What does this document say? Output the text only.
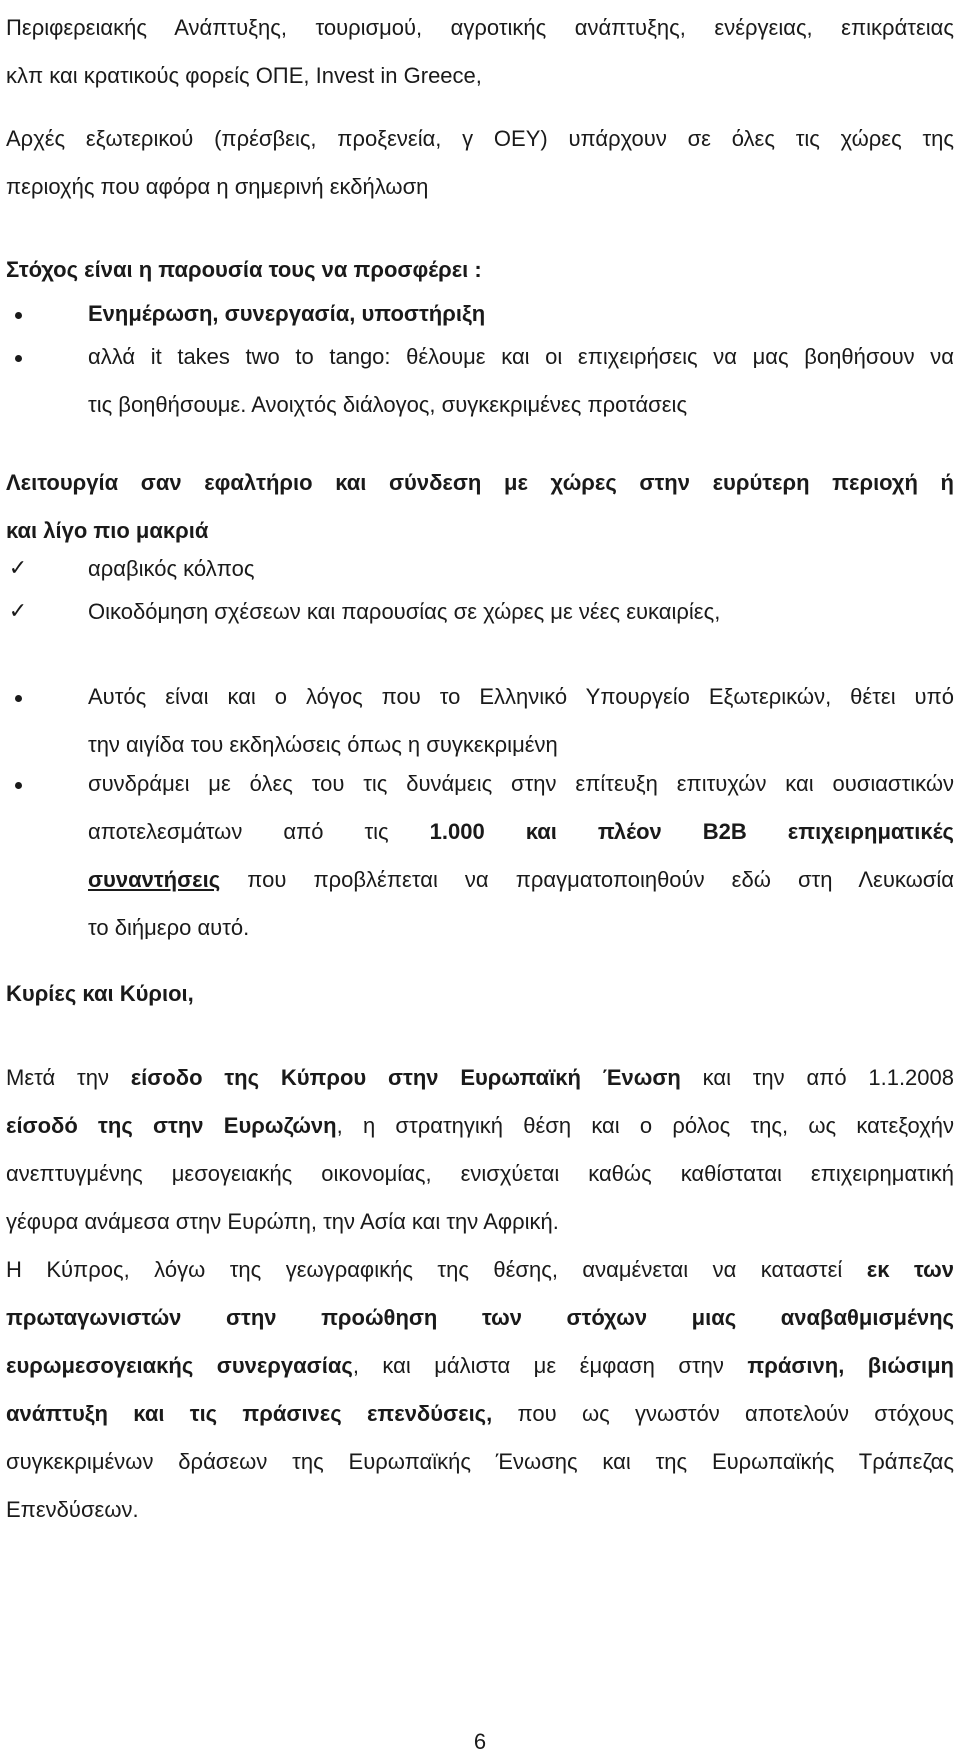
Περιφερειακής Ανάπτυξης, τουρισμού, αγροτικής ανάπτυξης, ενέργειας, επικράτειας
κλπ και κρατικούς φορείς ΟΠΕ, Invest in Greece,
Αρχές εξωτερικού (πρέσβεις, προξενεία, γ ΟΕΥ) υπάρχουν σε όλες τις χώρες της
περιοχής που αφόρα η σημερινή εκδήλωση
Στόχος είναι η παρουσία τους να προσφέρει :
Ενημέρωση, συνεργασία, υποστήριξη
αλλά it takes two to tango: θέλουμε και οι επιχειρήσεις να μας βοηθήσουν να
τις βοηθήσουμε. Ανοιχτός διάλογος, συγκεκριμένες προτάσεις
Λειτουργία σαν εφαλτήριο και σύνδεση με χώρες στην ευρύτερη περιοχή ή
και λίγο πιο μακριά
✓	αραβικός κόλπος
✓	Οικοδόμηση σχέσεων και παρουσίας σε χώρες με νέες ευκαιρίες,
Αυτός είναι και ο λόγος που το Ελληνικό Υπουργείο Εξωτερικών, θέτει υπό
την αιγίδα του εκδηλώσεις όπως η συγκεκριμένη
συνδράμει με όλες του τις δυνάμεις στην επίτευξη επιτυχών και ουσιαστικών
αποτελεσμάτων από τις 1.000 και πλέον B2B επιχειρηματικές
συναντήσεις που προβλέπεται να πραγματοποιηθούν εδώ στη Λευκωσία
το διήμερο αυτό.
Κυρίες και Κύριοι,
Μετά την είσοδο της Κύπρου στην Ευρωπαϊκή Ένωση και την από 1.1.2008
είσοδό της στην Ευρωζώνη, η στρατηγική θέση και ο ρόλος της, ως κατεξοχήν
ανεπτυγμένης μεσογειακής οικονομίας, ενισχύεται καθώς καθίσταται επιχειρηματική
γέφυρα ανάμεσα στην Ευρώπη, την Ασία και την Αφρική.
Η Κύπρος, λόγω της γεωγραφικής της θέσης, αναμένεται να καταστεί εκ των
πρωταγωνιστών στην προώθηση των στόχων μιας αναβαθμισμένης
ευρωμεσογειακής συνεργασίας, και μάλιστα με έμφαση στην πράσινη, βιώσιμη
ανάπτυξη και τις πράσινες επενδύσεις, που ως γνωστόν αποτελούν στόχους
συγκεκριμένων δράσεων της Ευρωπαϊκής Ένωσης και της Ευρωπαϊκής Τράπεζας
Επενδύσεων.
6
